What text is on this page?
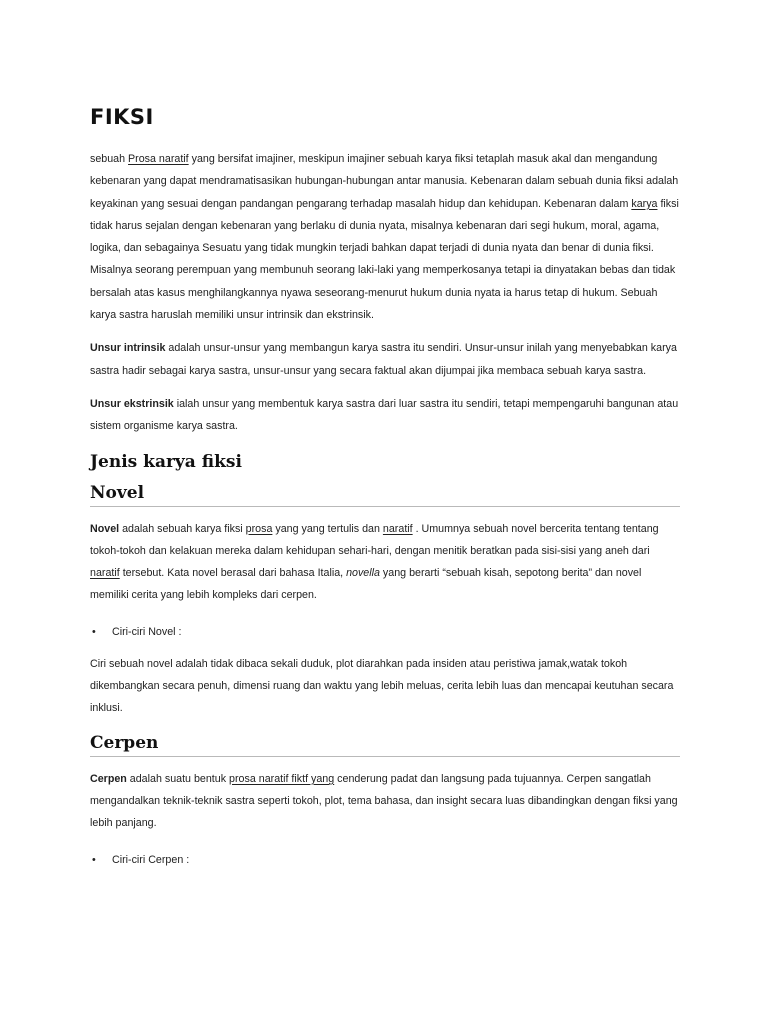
FIKSI

sebuah Prosa naratif yang bersifat imajiner, meskipun imajiner sebuah karya fiksi tetaplah masuk akal dan mengandung kebenaran yang dapat mendramatisasikan hubungan-hubungan antar manusia. Kebenaran dalam sebuah dunia fiksi adalah keyakinan yang sesuai dengan pandangan pengarang terhadap masalah hidup dan kehidupan. Kebenaran dalam karya fiksi tidak harus sejalan dengan kebenaran yang berlaku di dunia nyata, misalnya kebenaran dari segi hukum, moral, agama, logika, dan sebagainya Sesuatu yang tidak mungkin terjadi bahkan dapat terjadi di dunia nyata dan benar di dunia fiksi. Misalnya seorang perempuan yang membunuh seorang laki-laki yang memperkosanya tetapi ia dinyatakan bebas dan tidak bersalah atas kasus menghilangkannya nyawa seseorang-menurut hukum dunia nyata ia harus tetap di hukum. Sebuah karya sastra haruslah memiliki unsur intrinsik dan ekstrinsik.

Unsur intrinsik adalah unsur-unsur yang membangun karya sastra itu sendiri. Unsur-unsur inilah yang menyebabkan karya sastra hadir sebagai karya sastra, unsur-unsur yang secara faktual akan dijumpai jika membaca sebuah karya sastra.

Unsur ekstrinsik ialah unsur yang membentuk karya sastra dari luar sastra itu sendiri, tetapi mempengaruhi bangunan atau sistem organisme karya sastra.

Jenis karya fiksi
Novel

Novel adalah sebuah karya fiksi prosa yang yang tertulis dan naratif . Umumnya sebuah novel bercerita tentang tentang tokoh-tokoh dan kelakuan mereka dalam kehidupan sehari-hari, dengan menitik beratkan pada sisi-sisi yang aneh dari naratif tersebut. Kata novel berasal dari bahasa Italia, novella yang berarti “sebuah kisah, sepotong berita” dan novel memiliki cerita yang lebih kompleks dari cerpen.

•	Ciri-ciri Novel :

Ciri sebuah novel adalah tidak dibaca sekali duduk, plot diarahkan pada insiden atau peristiwa jamak,watak tokoh dikembangkan secara penuh, dimensi ruang dan waktu yang lebih meluas, cerita lebih luas dan mencapai keutuhan secara inklusi.

Cerpen

Cerpen adalah suatu bentuk prosa naratif fiktf yang cenderung padat dan langsung pada tujuannya. Cerpen sangatlah mengandalkan teknik-teknik sastra seperti tokoh, plot, tema bahasa, dan insight secara luas dibandingkan dengan fiksi yang lebih panjang.

•	Ciri-ciri Cerpen :
